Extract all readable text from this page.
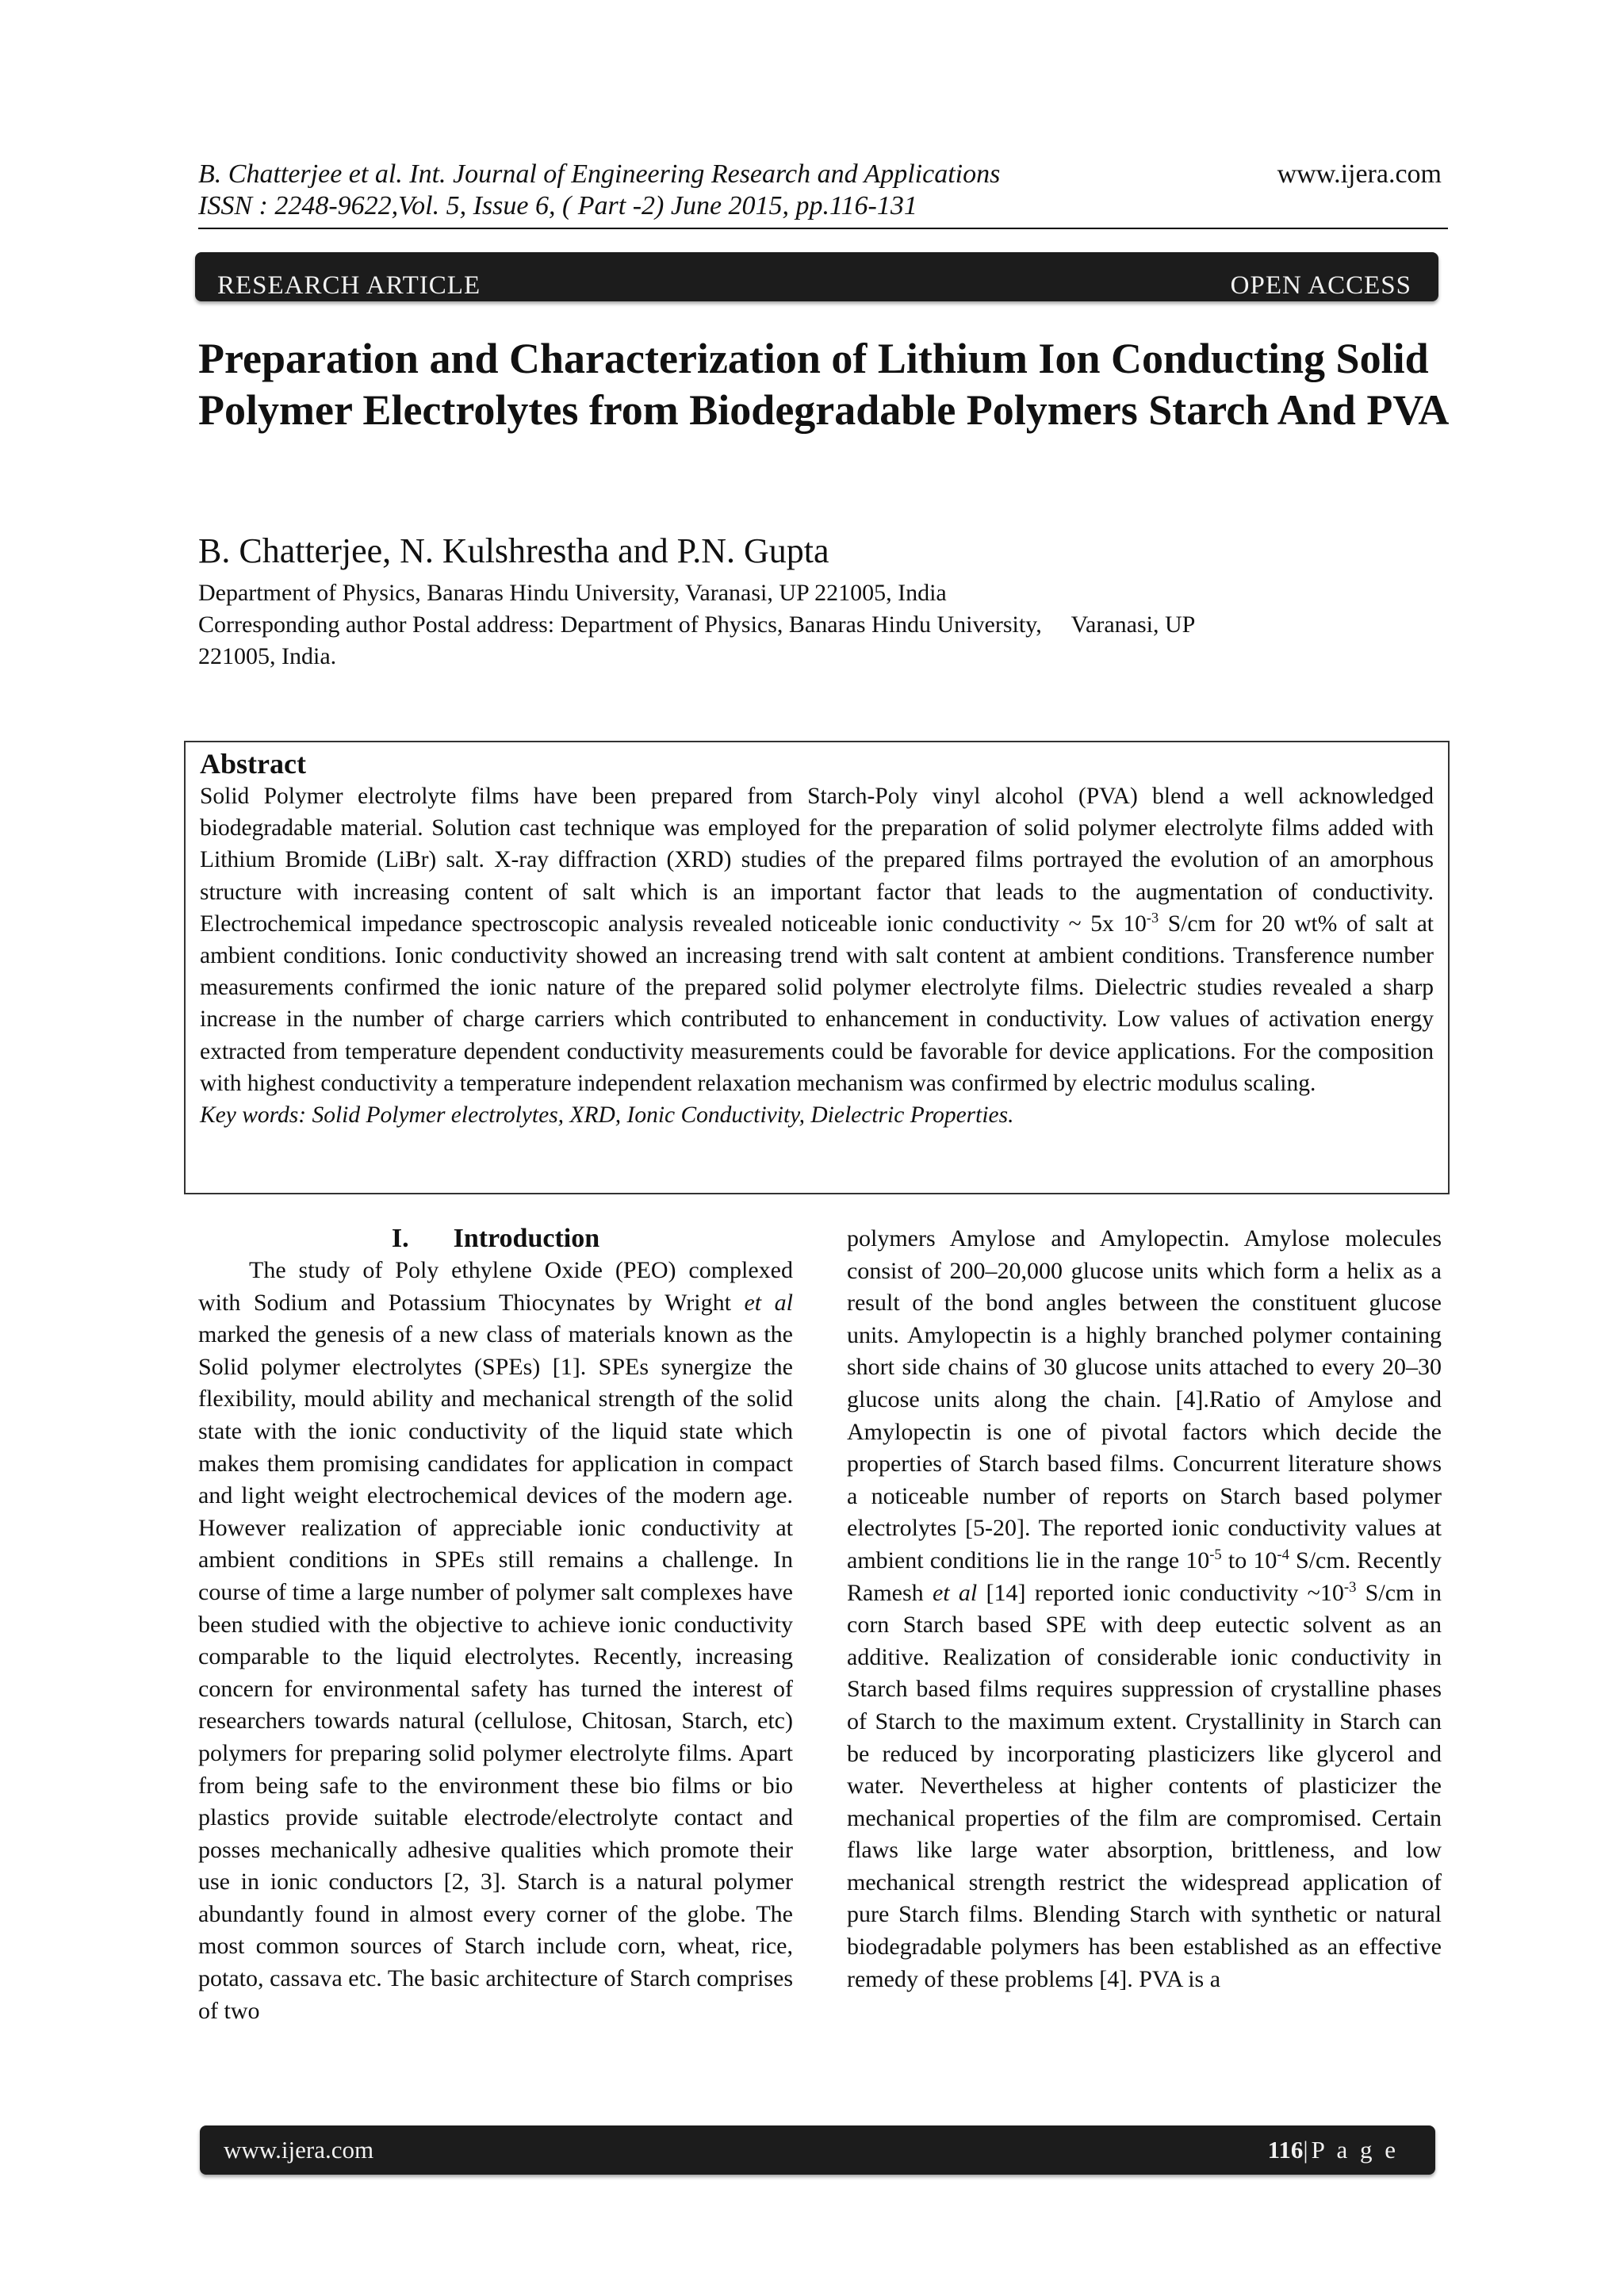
B. Chatterjee et al. Int. Journal of Engineering Research and Applications
ISSN : 2248-9622,Vol. 5, Issue 6, ( Part -2) June 2015, pp.116-131
www.ijera.com
RESEARCH ARTICLE	OPEN ACCESS
Preparation and Characterization of Lithium Ion Conducting Solid Polymer Electrolytes from Biodegradable Polymers Starch And PVA
B. Chatterjee, N. Kulshrestha and P.N. Gupta
Department of Physics, Banaras Hindu University, Varanasi, UP 221005, India
Corresponding author Postal address: Department of Physics, Banaras Hindu University,     Varanasi, UP
221005, India.
Abstract
Solid Polymer electrolyte films have been prepared from Starch-Poly vinyl alcohol (PVA) blend a well acknowledged biodegradable material. Solution cast technique was employed for the preparation of solid polymer electrolyte films added with Lithium Bromide (LiBr) salt. X-ray diffraction (XRD) studies of the prepared films portrayed the evolution of an amorphous structure with increasing content of salt which is an important factor that leads to the augmentation of conductivity. Electrochemical impedance spectroscopic analysis revealed noticeable ionic conductivity ~ 5x $10^{-3}$ S/cm for 20 wt% of salt at ambient conditions. Ionic conductivity showed an increasing trend with salt content at ambient conditions. Transference number measurements confirmed the ionic nature of the prepared solid polymer electrolyte films. Dielectric studies revealed a sharp increase in the number of charge carriers which contributed to enhancement in conductivity. Low values of activation energy extracted from temperature dependent conductivity measurements could be favorable for device applications. For the composition with highest conductivity a temperature independent relaxation mechanism was confirmed by electric modulus scaling.
Key words: Solid Polymer electrolytes, XRD, Ionic Conductivity, Dielectric Properties.
I. Introduction
The study of Poly ethylene Oxide (PEO) complexed with Sodium and Potassium Thiocynates by Wright et al marked the genesis of a new class of materials known as the Solid polymer electrolytes (SPEs) [1]. SPEs synergize the flexibility, mould ability and mechanical strength of the solid state with the ionic conductivity of the liquid state which makes them promising candidates for application in compact and light weight electrochemical devices of the modern age. However realization of appreciable ionic conductivity at ambient conditions in SPEs still remains a challenge. In course of time a large number of polymer salt complexes have been studied with the objective to achieve ionic conductivity comparable to the liquid electrolytes. Recently, increasing concern for environmental safety has turned the interest of researchers towards natural (cellulose, Chitosan, Starch, etc) polymers for preparing solid polymer electrolyte films. Apart from being safe to the environment these bio films or bio plastics provide suitable electrode/electrolyte contact and posses mechanically adhesive qualities which promote their use in ionic conductors [2, 3]. Starch is a natural polymer abundantly found in almost every corner of the globe. The most common sources of Starch include corn, wheat, rice, potato, cassava etc. The basic architecture of Starch comprises of two
polymers Amylose and Amylopectin. Amylose molecules consist of 200–20,000 glucose units which form a helix as a result of the bond angles between the constituent glucose units. Amylopectin is a highly branched polymer containing short side chains of 30 glucose units attached to every 20–30 glucose units along the chain. [4].Ratio of Amylose and Amylopectin is one of pivotal factors which decide the properties of Starch based films. Concurrent literature shows a noticeable number of reports on Starch based polymer electrolytes [5-20]. The reported ionic conductivity values at ambient conditions lie in the range $10^{-5}$ to $10^{-4}$ S/cm. Recently Ramesh et al [14] reported ionic conductivity $\sim 10^{-3}$ S/cm in corn Starch based SPE with deep eutectic solvent as an additive. Realization of considerable ionic conductivity in Starch based films requires suppression of crystalline phases of Starch to the maximum extent. Crystallinity in Starch can be reduced by incorporating plasticizers like glycerol and water. Nevertheless at higher contents of plasticizer the mechanical properties of the film are compromised. Certain flaws like large water absorption, brittleness, and low mechanical strength restrict the widespread application of pure Starch films. Blending Starch with synthetic or natural biodegradable polymers has been established as an effective remedy of these problems [4]. PVA is a
www.ijera.com	116|P a g e
